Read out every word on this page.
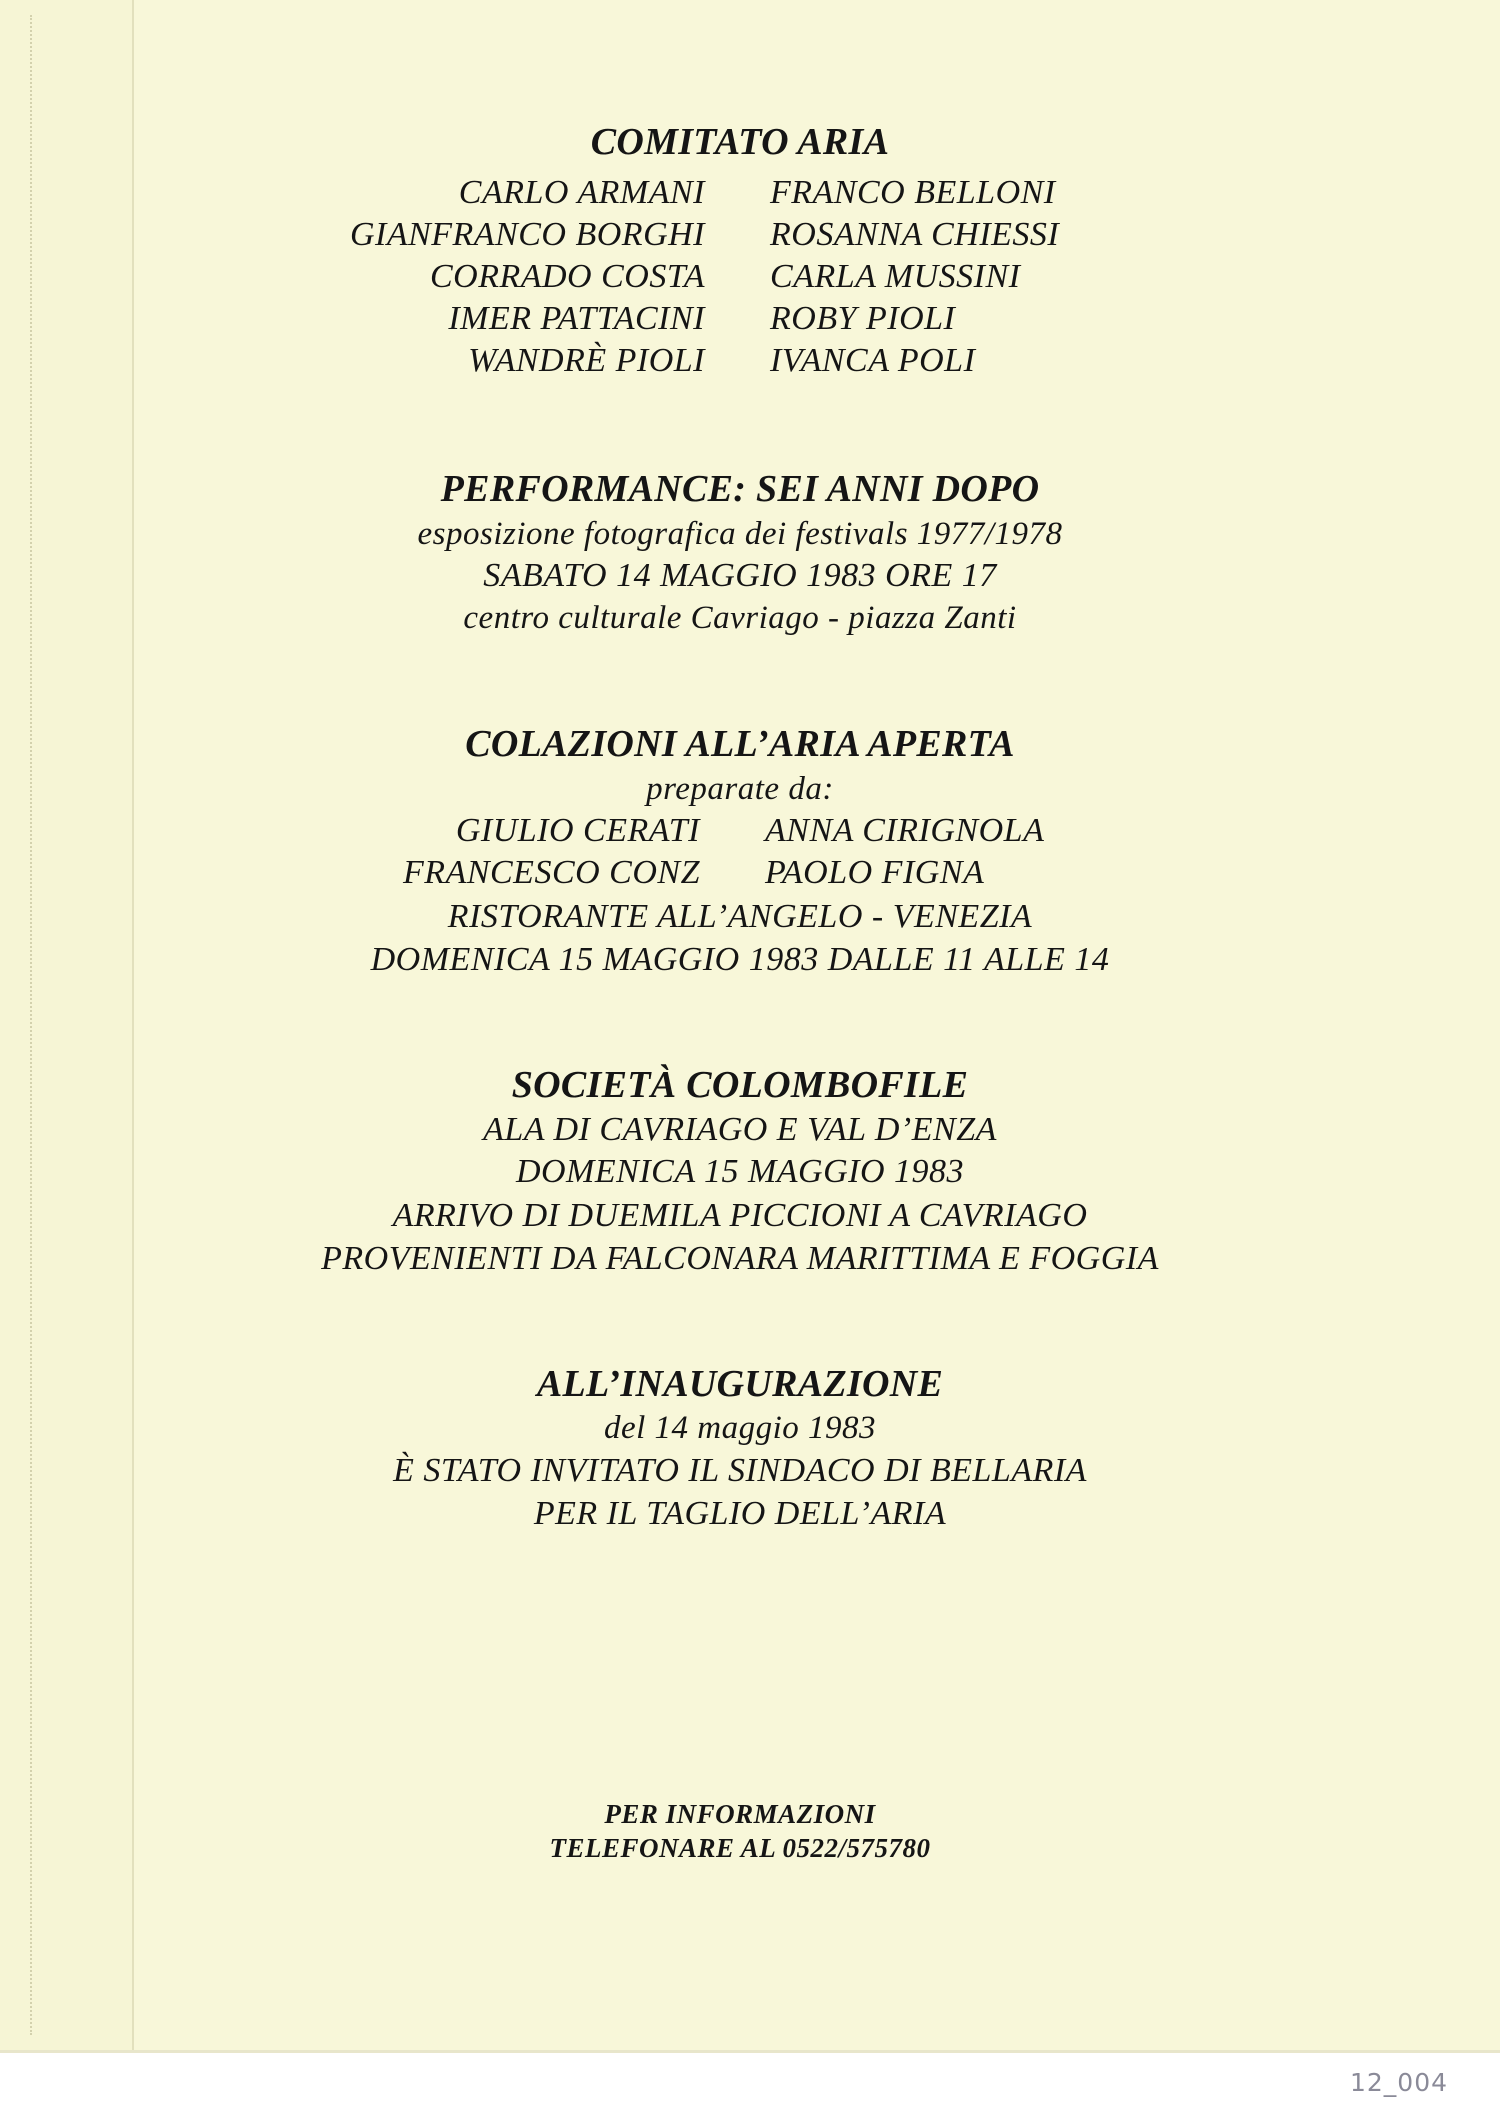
COMITATO ARIA
CARLO ARMANI
GIANFRANCO BORGHI
CORRADO COSTA
IMER PATTACINI
WANDRÈ PIOLI
FRANCO BELLONI
ROSANNA CHIESSI
CARLA MUSSINI
ROBY PIOLI
IVANCA POLI
PERFORMANCE: SEI ANNI DOPO
esposizione fotografica dei festivals 1977/1978
SABATO 14 MAGGIO 1983 ORE 17
centro culturale Cavriago - piazza Zanti
COLAZIONI ALL’ARIA APERTA
preparate da:
GIULIO CERATI
FRANCESCO CONZ
ANNA CIRIGNOLA
PAOLO FIGNA
RISTORANTE ALL’ANGELO - VENEZIA
DOMENICA 15 MAGGIO 1983 DALLE 11 ALLE 14
SOCIETÀ COLOMBOFILE
ALA DI CAVRIAGO E VAL D’ENZA
DOMENICA 15 MAGGIO 1983
ARRIVO DI DUEMILA PICCIONI A CAVRIAGO
PROVENIENTI DA FALCONARA MARITTIMA E FOGGIA
ALL’INAUGURAZIONE
del 14 maggio 1983
È STATO INVITATO IL SINDACO DI BELLARIA
PER IL TAGLIO DELL’ARIA
PER INFORMAZIONI
TELEFONARE AL 0522/575780
12_004
